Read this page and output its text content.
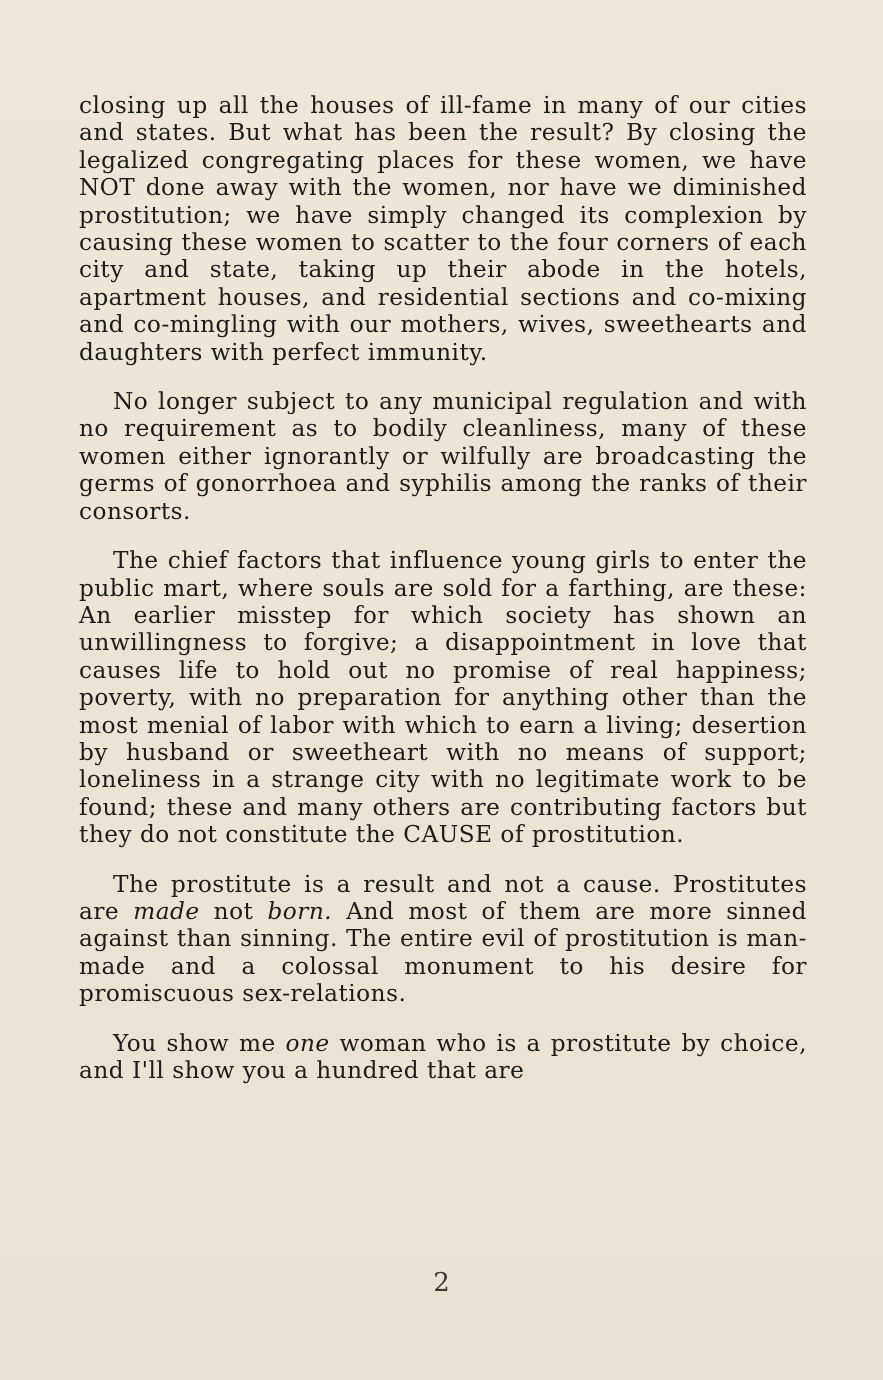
closing up all the houses of ill-fame in many of our cities and states. But what has been the result? By closing the legalized congregating places for these women, we have NOT done away with the women, nor have we diminished prostitution; we have simply changed its complexion by causing these women to scatter to the four corners of each city and state, taking up their abode in the hotels, apartment houses, and residential sections and co-mixing and co-mingling with our mothers, wives, sweethearts and daughters with perfect immunity.

No longer subject to any municipal regulation and with no requirement as to bodily cleanliness, many of these women either ignorantly or wilfully are broadcasting the germs of gonorrhoea and syphilis among the ranks of their consorts.

The chief factors that influence young girls to enter the public mart, where souls are sold for a farthing, are these: An earlier misstep for which society has shown an unwillingness to forgive; a disappointment in love that causes life to hold out no promise of real happiness; poverty, with no preparation for anything other than the most menial of labor with which to earn a living; desertion by husband or sweetheart with no means of support; loneliness in a strange city with no legitimate work to be found; these and many others are contributing factors but they do not constitute the CAUSE of prostitution.

The prostitute is a result and not a cause. Prostitutes are made not born. And most of them are more sinned against than sinning. The entire evil of prostitution is man-made and a colossal monument to his desire for promiscuous sex-relations.

You show me one woman who is a prostitute by choice, and I'll show you a hundred that are

2
